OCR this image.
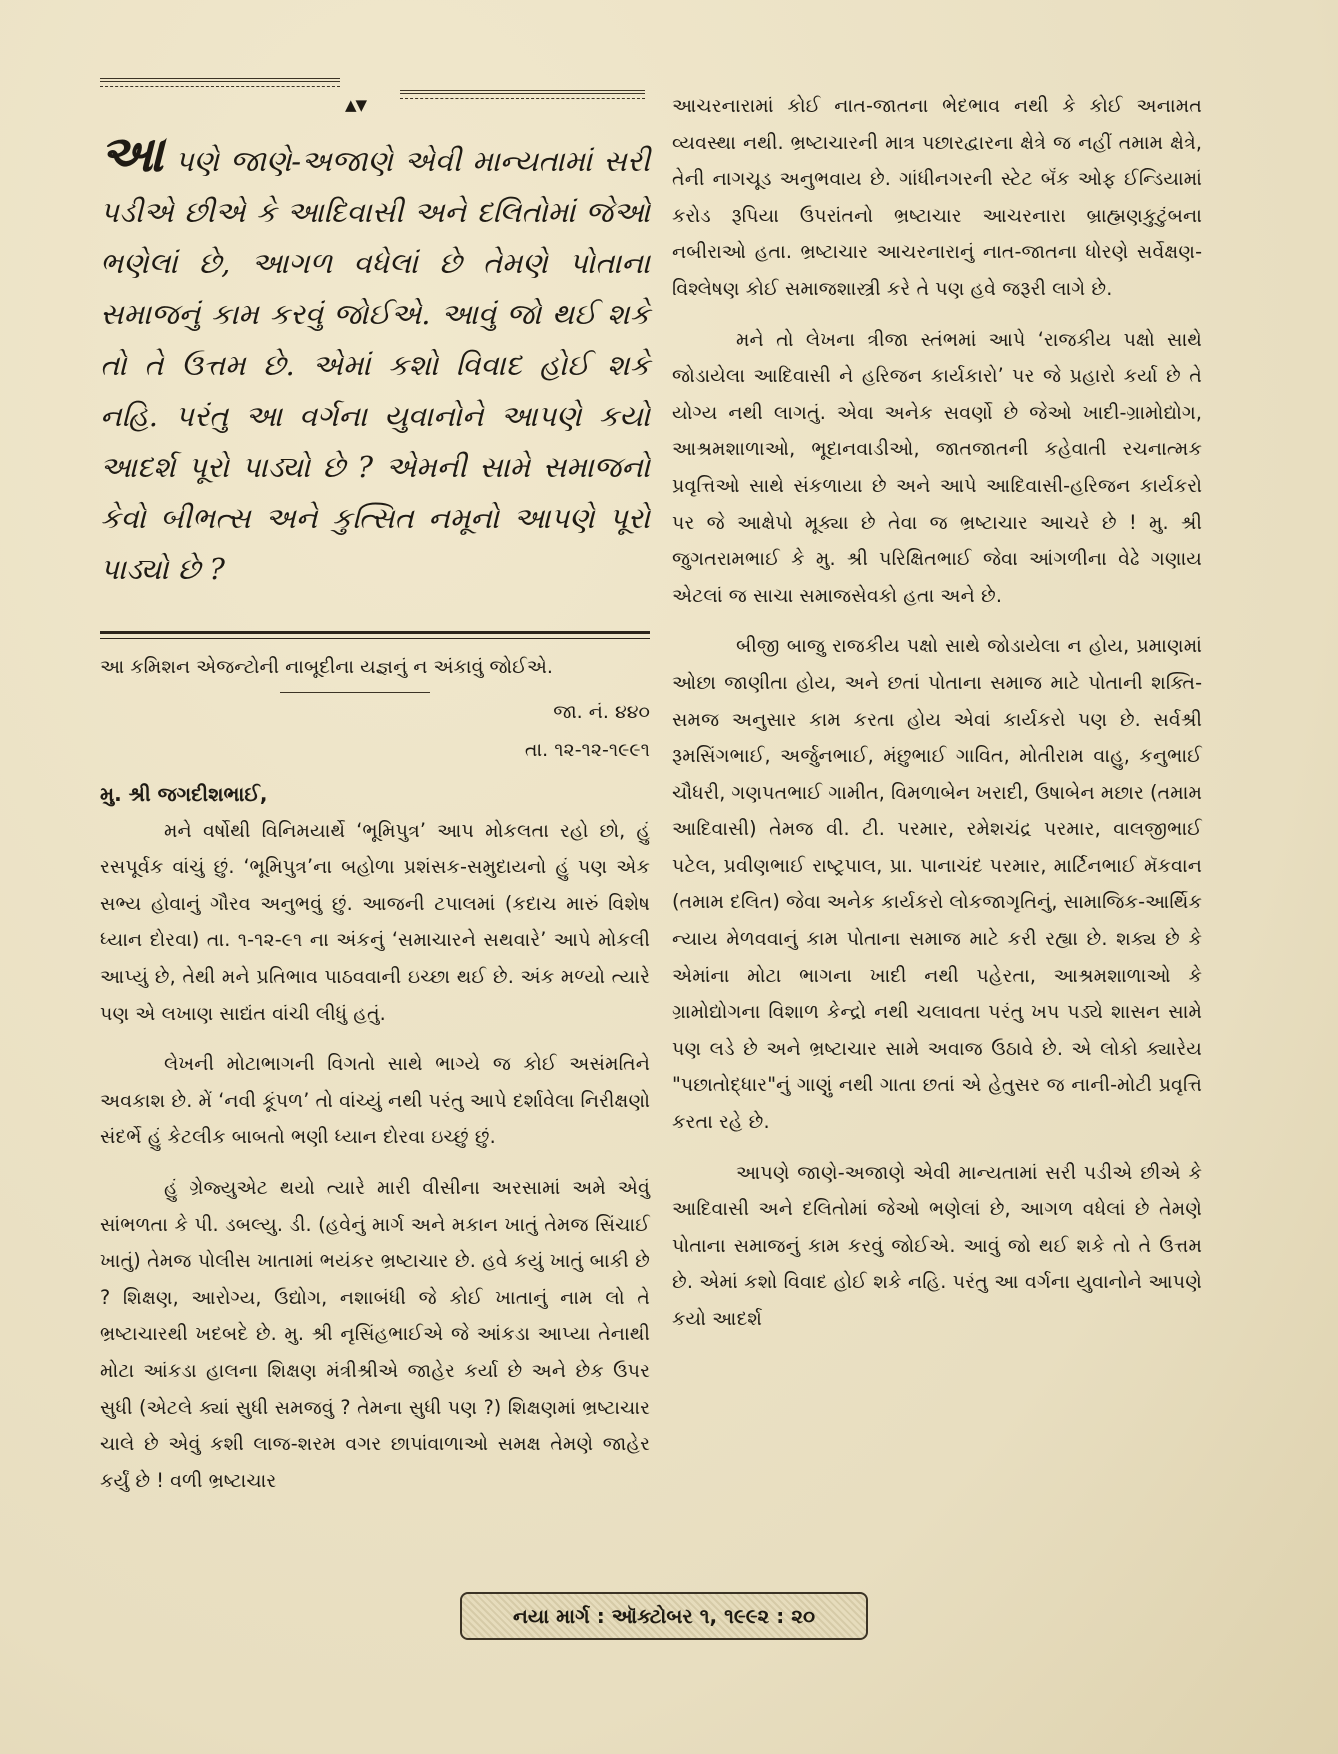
▲▼
આ પણે જાણે-અજાણે એવી માન્યતામાં સરી પડીએ છીએ કે આદિવાસી અને દલિતોમાં જેઓ ભણેલાં છે, આગળ વધેલાં છે તેમણે પોતાના સમાજનું કામ કરવું જોઈએ. આવું જો થઈ શકે તો તે ઉત્તમ છે. એમાં કશો વિવાદ હોઈ શકે નહિ. પરંતુ આ વર્ગના યુવાનોને આપણે કયો આદર્શ પૂરો પાડ્યો છે ? એમની સામે સમાજનો કેવો બીભત્સ અને કુત્સિત નમૂનો આપણે પૂરો પાડ્યો છે ?

આ કમિશન એજન્ટોની નાબૂદીના યજ્ઞનું ન અંકાવું જોઈએ.

જા. નં. ૪૪૦

તા. ૧૨-૧૨-૧૯૯૧

મુ. શ્રી જગદીશભાઈ,

મને વર્ષોથી વિનિમયાર્થે ‘ભૂમિપુત્ર’ આપ મોકલતા રહો છો, હું રસપૂર્વક વાંચું છું. ‘ભૂમિપુત્ર’ના બહોળા પ્રશંસક-સમુદાયનો હું પણ એક સભ્ય હોવાનું ગૌરવ અનુભવું છું. આજની ટપાલમાં (કદાચ મારું વિશેષ ધ્યાન દોરવા) તા. ૧-૧૨-૯૧ ના અંકનું ‘સમાચારને સથવારે’ આપે મોકલી આપ્યું છે, તેથી મને પ્રતિભાવ પાઠવવાની ઇચ્છા થઈ છે. અંક મળ્યો ત્યારે પણ એ લખાણ સાદ્યંત વાંચી લીધું હતું.

લેખની મોટાભાગની વિગતો સાથે ભાગ્યે જ કોઈ અસંમતિને અવકાશ છે. મેં ‘નવી કૂંપળ’ તો વાંચ્યું નથી પરંતુ આપે દર્શાવેલા નિરીક્ષણો સંદર્ભે હું કેટલીક બાબતો ભણી ધ્યાન દોરવા ઇચ્છું છું.

હું ગ્રેજ્યુએટ થયો ત્યારે મારી વીસીના અરસામાં અમે એવું સાંભળતા કે પી. ડબલ્યુ. ડી. (હવેનું માર્ગ અને મકાન ખાતું તેમજ સિંચાઈ ખાતું) તેમજ પોલીસ ખાતામાં ભયંકર ભ્રષ્ટાચાર છે. હવે કયું ખાતું બાકી છે ? શિક્ષણ, આરોગ્ય, ઉદ્યોગ, નશાબંધી જે કોઈ ખાતાનું નામ લો તે ભ્રષ્ટાચારથી ખદબદે છે. મુ. શ્રી નૃસિંહભાઈએ જે આંકડા આપ્યા તેનાથી મોટા આંકડા હાલના શિક્ષણ મંત્રીશ્રીએ જાહેર કર્યા છે અને છેક ઉપર સુધી (એટલે ક્યાં સુધી સમજવું ? તેમના સુધી પણ ?) શિક્ષણમાં ભ્રષ્ટાચાર ચાલે છે એવું કશી લાજ-શરમ વગર છાપાંવાળાઓ સમક્ષ તેમણે જાહેર કર્યું છે ! વળી ભ્રષ્ટાચાર

આચરનારામાં કોઈ નાત-જાતના ભેદભાવ નથી કે કોઈ અનામત વ્યવસ્થા નથી. ભ્રષ્ટાચારની માત્ર પછારદ્વારના ક્ષેત્રે જ નહીં તમામ ક્ષેત્રે, તેની નાગચૂડ અનુભવાય છે. ગાંધીનગરની સ્ટેટ બૅંક ઓફ ઈન્ડિયામાં કરોડ રૂપિયા ઉપરાંતનો ભ્રષ્ટાચાર આચરનારા બ્રાહ્મણકુટુંબના નબીરાઓ હતા. ભ્રષ્ટાચાર આચરનારાનું નાત-જાતના ધોરણે સર્વેક્ષણ-વિશ્લેષણ કોઈ સમાજશાસ્ત્રી કરે તે પણ હવે જરૂરી લાગે છે.

મને તો લેખના ત્રીજા સ્તંભમાં આપે ‘રાજકીય પક્ષો સાથે જોડાયેલા આદિવાસી ને હરિજન કાર્યકારો’ પર જે પ્રહારો કર્યા છે તે યોગ્ય નથી લાગતું. એવા અનેક સવર્ણો છે જેઓ ખાદી-ગ્રામોદ્યોગ, આશ્રમશાળાઓ, ભૂદાનવાડીઓ, જાતજાતની કહેવાતી રચનાત્મક પ્રવૃત્તિઓ સાથે સંકળાયા છે અને આપે આદિવાસી-હરિજન કાર્યકરો પર જે આક્ષેપો મૂક્યા છે તેવા જ ભ્રષ્ટાચાર આચરે છે ! મુ. શ્રી જુગતરામભાઈ કે મુ. શ્રી પરિક્ષિતભાઈ જેવા આંગળીના વેઢે ગણાય એટલાં જ સાચા સમાજસેવકો હતા અને છે.

બીજી બાજુ રાજકીય પક્ષો સાથે જોડાયેલા ન હોય, પ્રમાણમાં ઓછા જાણીતા હોય, અને છતાં પોતાના સમાજ માટે પોતાની શક્તિ-સમજ અનુસાર કામ કરતા હોય એવાં કાર્યકરો પણ છે. સર્વશ્રી રૂમસિંગભાઈ, અર્જુનભાઈ, મંછુભાઈ ગાવિત, મોતીરામ વાહુ, કનુભાઈ ચૌધરી, ગણપતભાઈ ગામીત, વિમળાબેન ખરાદી, ઉષાબેન મછાર (તમામ આદિવાસી) તેમજ વી. ટી. પરમાર, રમેશચંદ્ર પરમાર, વાલજીભાઈ પટેલ, પ્રવીણભાઈ રાષ્ટ્રપાલ, પ્રા. પાનાચંદ પરમાર, માર્ટિનભાઈ મૅકવાન (તમામ દલિત) જેવા અનેક કાર્યકરો લોકજાગૃતિનું, સામાજિક-આર્થિક ન્યાય મેળવવાનું કામ પોતાના સમાજ માટે કરી રહ્યા છે. શક્ય છે કે એમાંના મોટા ભાગના ખાદી નથી પહેરતા, આશ્રમશાળાઓ કે ગ્રામોદ્યોગના વિશાળ કેન્દ્રો નથી ચલાવતા પરંતુ ખપ પડ્યે શાસન સામે પણ લડે છે અને ભ્રષ્ટાચાર સામે અવાજ ઉઠાવે છે. એ લોકો ક્યારેય "પછાતોદ્ધાર"નું ગાણું નથી ગાતા છતાં એ હેતુસર જ નાની-મોટી પ્રવૃત્તિ કરતા રહે છે.

આપણે જાણે-અજાણે એવી માન્યતામાં સરી પડીએ છીએ કે આદિવાસી અને દલિતોમાં જેઓ ભણેલાં છે, આગળ વધેલાં છે તેમણે પોતાના સમાજનું કામ કરવું જોઈએ. આવું જો થઈ શકે તો તે ઉત્તમ છે. એમાં કશો વિવાદ હોઈ શકે નહિ. પરંતુ આ વર્ગના યુવાનોને આપણે કયો આદર્શ

નયા માર્ગ : ઑક્ટોબર ૧, ૧૯૯૨ : ૨૦
